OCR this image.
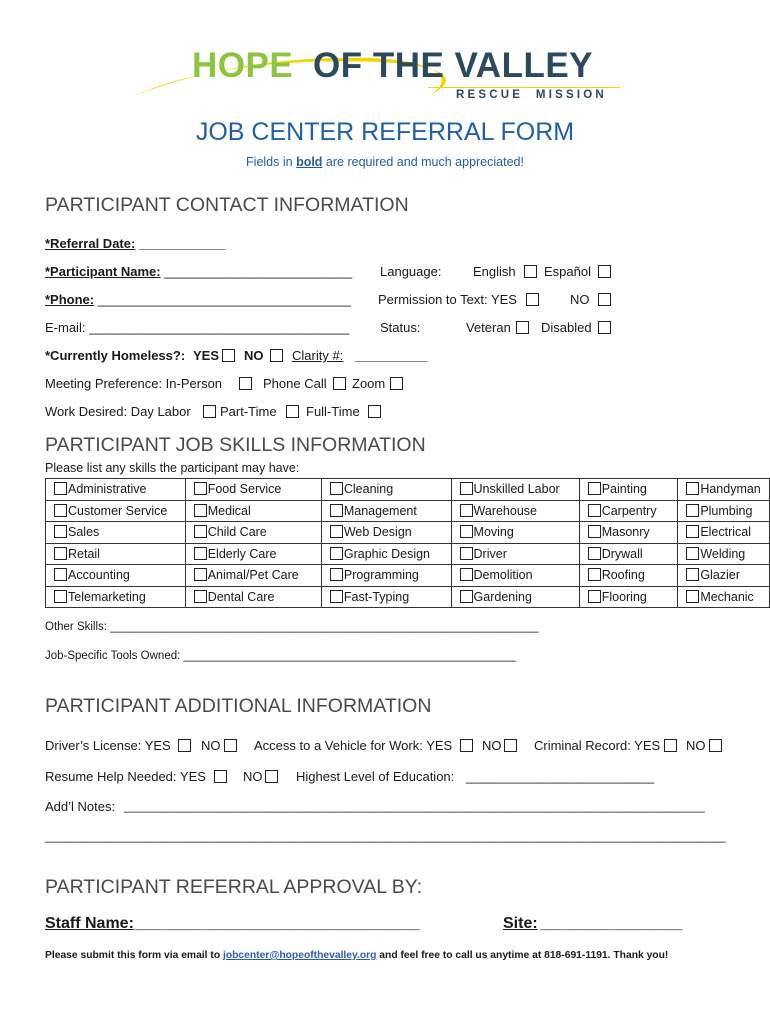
HOPE OF THE VALLEY
RESCUE  MISSION
JOB CENTER REFERRAL FORM
Fields in bold are required and much appreciated!
PARTICIPANT CONTACT INFORMATION
*Referral Date: ____________
*Participant Name: __________________________ Language: English Español
*Phone: ___________________________________ Permission to Text: YES	NO
E-mail: ____________________________________ Status:	Veteran Disabled
*Currently Homeless?: YES NO Clarity #: __________
Meeting Preference: In-Person	Phone Call Zoom
Work Desired: Day Labor Part-Time Full-Time
PARTICIPANT JOB SKILLS INFORMATION
Please list any skills the participant may have:
Administrative	Food Service	Cleaning	Unskilled Labor	Painting	Handyman
Customer Service	Medical	Management	Warehouse	Carpentry	Plumbing
Sales	Child Care	Web Design	Moving	Masonry	Electrical
Retail	Elderly Care	Graphic Design	Driver	Drywall	Welding
Accounting	Animal/Pet Care	Programming	Demolition	Roofing	Glazier
Telemarketing	Dental Care	Fast-Typing	Gardening	Flooring	Mechanic
Other Skills: ___________________________________________________________________
Job-Specific Tools Owned: ____________________________________________________
PARTICIPANT ADDITIONAL INFORMATION
Driver’s License: YES NO	Access to a Vehicle for Work: YES NO	Criminal Record: YES NO
Resume Help Needed: YES	NO	Highest Level of Education: __________________________
Add’l Notes: _______________________________________________________________________________________
______________________________________________________________________________________________________
PARTICIPANT REFERRAL APPROVAL BY:
Staff Name: ________________________________	Site: ________________
Please submit this form via email to jobcenter@hopeofthevalley.org and feel free to call us anytime at 818-691-1191. Thank you!
